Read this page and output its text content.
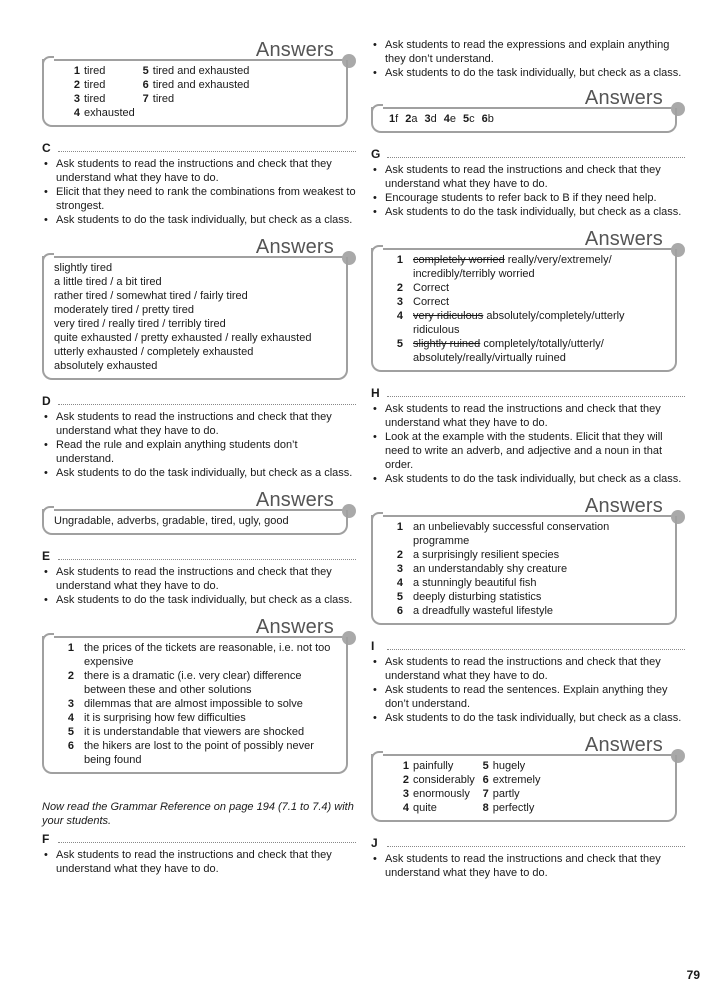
Answers
1 tired
2 tired
3 tired
4 exhausted
5 tired and exhausted
6 tired and exhausted
7 tired
C
• Ask students to read the instructions and check that they understand what they have to do.
• Elicit that they need to rank the combinations from weakest to strongest.
• Ask students to do the task individually, but check as a class.
Answers
slightly tired
a little tired / a bit tired
rather tired / somewhat tired / fairly tired
moderately tired / pretty tired
very tired / really tired / terribly tired
quite exhausted / pretty exhausted / really exhausted
utterly exhausted / completely exhausted
absolutely exhausted
D
• Ask students to read the instructions and check that they understand what they have to do.
• Read the rule and explain anything students don’t understand.
• Ask students to do the task individually, but check as a class.
Answers
Ungradable, adverbs, gradable, tired, ugly, good
E
• Ask students to read the instructions and check that they understand what they have to do.
• Ask students to do the task individually, but check as a class.
Answers
1 the prices of the tickets are reasonable, i.e. not too expensive
2 there is a dramatic (i.e. very clear) difference between these and other solutions
3 dilemmas that are almost impossible to solve
4 it is surprising how few difficulties
5 it is understandable that viewers are shocked
6 the hikers are lost to the point of possibly never being found
Now read the Grammar Reference on page 194 (7.1 to 7.4) with your students.
F
• Ask students to read the instructions and check that they understand what they have to do.
• Ask students to read the expressions and explain anything they don’t understand.
• Ask students to do the task individually, but check as a class.
Answers
1f 2a 3d 4e 5c 6b
G
• Ask students to read the instructions and check that they understand what they have to do.
• Encourage students to refer back to B if they need help.
• Ask students to do the task individually, but check as a class.
Answers
1 completely worried really/very/extremely/ incredibly/terribly worried
2 Correct
3 Correct
4 very ridiculous absolutely/completely/utterly ridiculous
5 slightly ruined completely/totally/utterly/ absolutely/really/virtually ruined
H
• Ask students to read the instructions and check that they understand what they have to do.
• Look at the example with the students. Elicit that they will need to write an adverb, and adjective and a noun in that order.
• Ask students to do the task individually, but check as a class.
Answers
1 an unbelievably successful conservation programme
2 a surprisingly resilient species
3 an understandably shy creature
4 a stunningly beautiful fish
5 deeply disturbing statistics
6 a dreadfully wasteful lifestyle
I
• Ask students to read the instructions and check that they understand what they have to do.
• Ask students to read the sentences. Explain anything they don’t understand.
• Ask students to do the task individually, but check as a class.
Answers
1 painfully
2 considerably
3 enormously
4 quite
5 hugely
6 extremely
7 partly
8 perfectly
J
• Ask students to read the instructions and check that they understand what they have to do.
79
